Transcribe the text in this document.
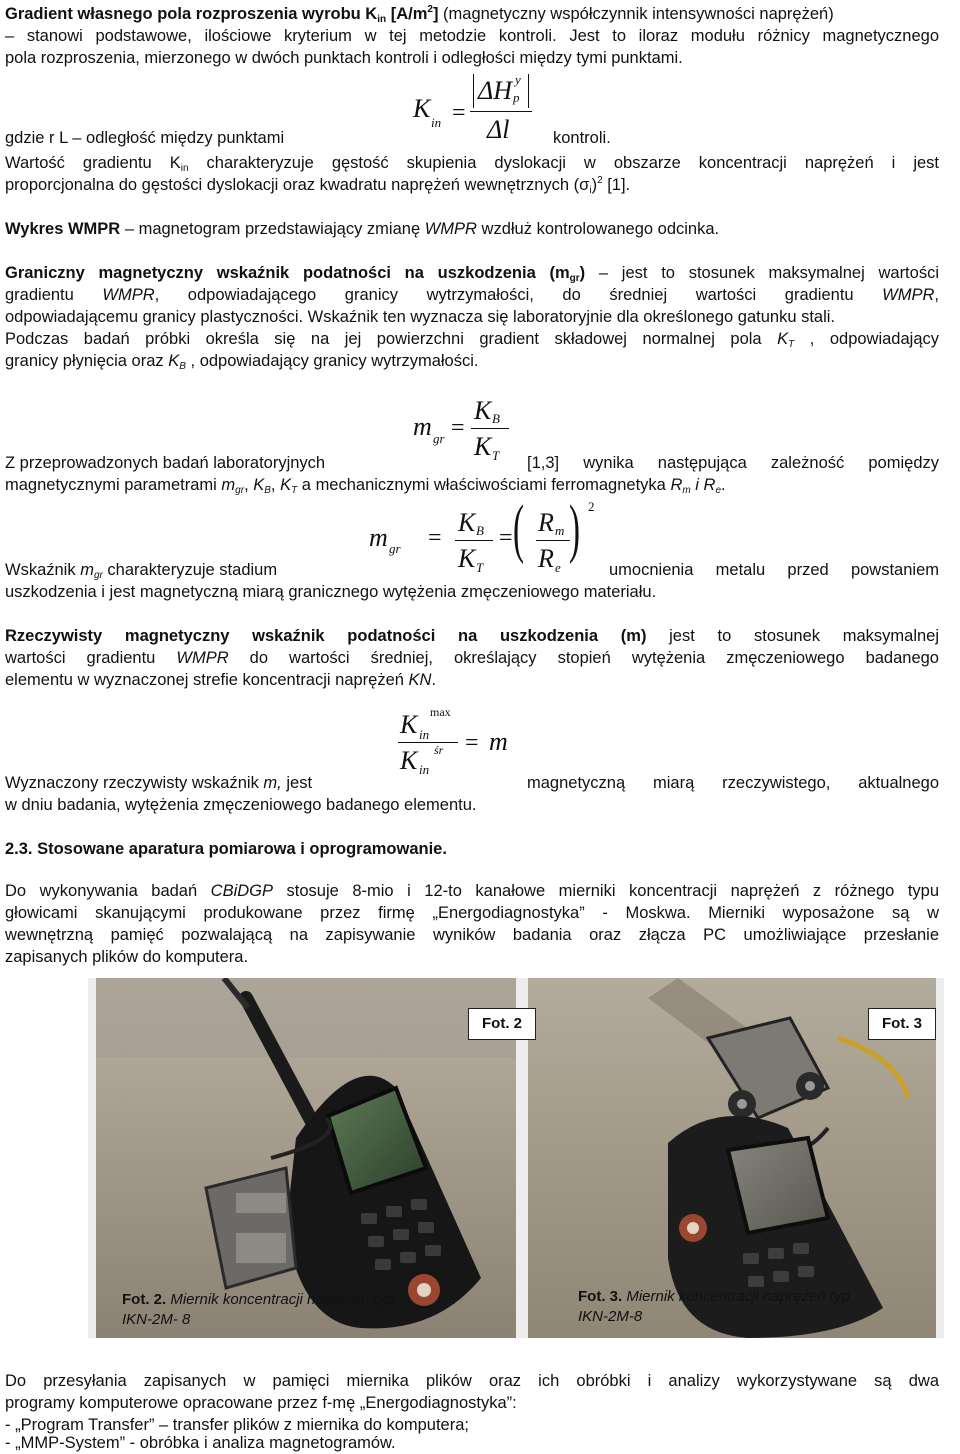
Gradient własnego pola rozproszenia wyrobu $K_{in}$ $[A/m^2]$ (magnetyczny współczynnik intensywności naprężeń)
– stanowi podstawowe, ilościowe kryterium w tej metodzie kontroli. Jest to iloraz modułu różnicy magnetycznego
pola rozproszenia, mierzonego w dwóch punktach kontroli i odległości między tymi punktami.
K in =
ΔH y
p
Δl
gdzie r L – odległość między punktami	kontroli.
Wartość gradientu $K_{in}$ charakteryzuje gęstość skupienia dyslokacji w obszarze koncentracji naprężeń i jest
proporcjonalna do gęstości dyslokacji oraz kwadratu naprężeń wewnętrznych $(\sigma_i)^2$ [1].
Wykres WMPR – magnetogram przedstawiający zmianę WMPR wzdłuż kontrolowanego odcinka.
Graniczny magnetyczny wskaźnik podatności na uszkodzenia $(m_{gr})$ – jest to stosunek maksymalnej wartości
gradientu WMPR, odpowiadającego granicy wytrzymałości, do średniej wartości gradientu WMPR,
odpowiadającemu granicy plastyczności. Wskaźnik ten wyznacza się laboratoryjnie dla określonego gatunku stali.
Podczas badań próbki określa się na jej powierzchni gradient składowej normalnej pola $K_T$ , odpowiadający
granicy płynięcia oraz $K_B$ , odpowiadający granicy wytrzymałości.
m gr =
K B
K T
Z przeprowadzonych badań laboratoryjnych	[1,3] wynika następująca zależność pomiędzy
magnetycznymi parametrami $m_{gr}$, $K_B$, $K_T$ a mechanicznymi właściwościami ferromagnetyka $R_m$ i $R_e$.
m gr =
K B
K T
= ( R m
R e
) 2
Wskaźnik $m_{gr}$ charakteryzuje stadium	umocnienia metalu przed powstaniem
uszkodzenia i jest magnetyczną miarą granicznego wytężenia zmęczeniowego materiału.
Rzeczywisty magnetyczny wskaźnik podatności na uszkodzenia (m) jest to stosunek maksymalnej
wartości gradientu WMPR do wartości średniej, określający stopień wytężenia zmęczeniowego badanego
elementu w wyznaczonej strefie koncentracji naprężeń KN.
K in
max
K in
śr = m
Wyznaczony rzeczywisty wskaźnik m, jest	magnetyczną miarą rzeczywistego, aktualnego
w dniu badania, wytężenia zmęczeniowego badanego elementu.
2.3. Stosowane aparatura pomiarowa i oprogramowanie.
Do wykonywania badań CBiDGP stosuje 8-mio i 12-to kanałowe mierniki koncentracji naprężeń z różnego typu
głowicami skanującymi produkowane przez firmę „Energodiagnostyka” - Moskwa. Mierniki wyposażone są w
wewnętrzną pamięć pozwalającą na zapisywanie wyników badania oraz złącza PC umożliwiające przesłanie
zapisanych plików do komputera.
Fot. 2	Fot. 3
Fot. 2. Miernik koncentracji naprężeń typ
IKN-2M- 8
Fot. 3. Miernik koncentracji naprężeń typ
IKN-2M-8
Do przesyłania zapisanych w pamięci miernika plików oraz ich obróbki i analizy wykorzystywane są dwa
programy komputerowe opracowane przez f-mę „Energodiagnostyka”:
- „Program Transfer” – transfer plików z miernika do komputera;
- „MMP-System” - obróbka i analiza magnetogramów.
